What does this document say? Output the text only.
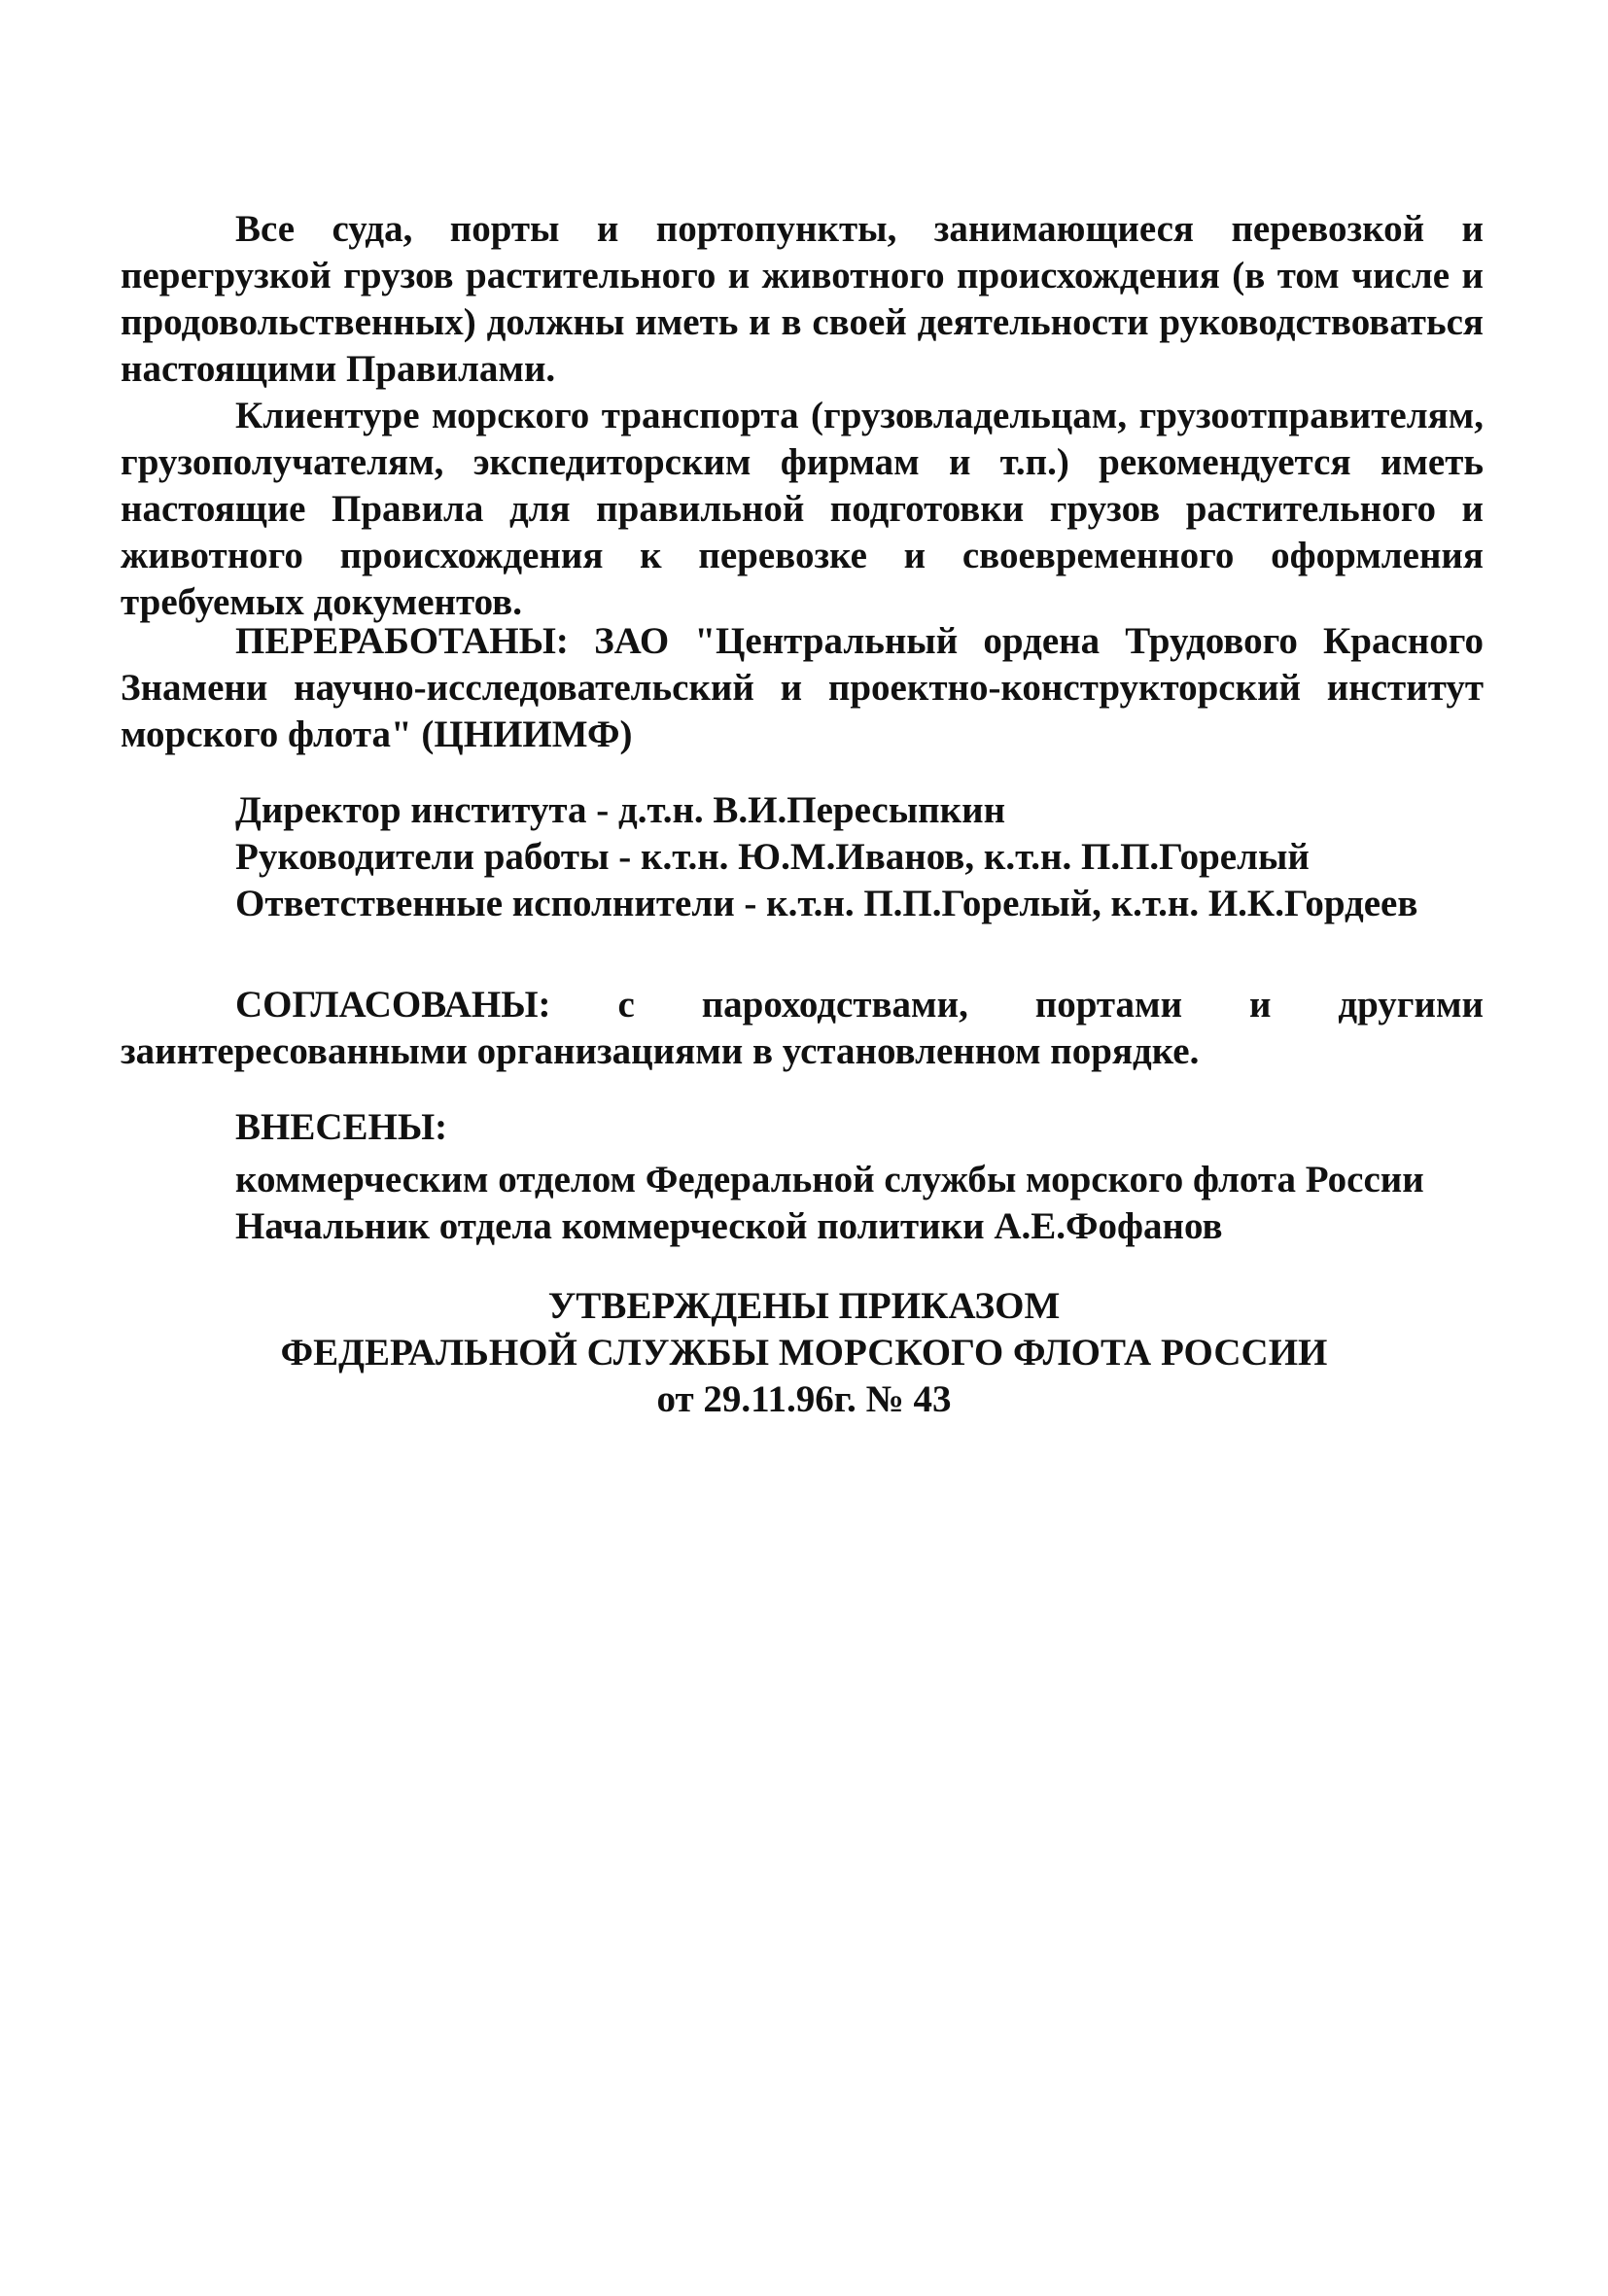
Все суда, порты и портопункты, занимающиеся перевозкой и перегрузкой грузов растительного и животного происхождения (в том числе и продовольственных) должны иметь и в своей деятельности руководствоваться настоящими Правилами.

Клиентуре морского транспорта (грузовладельцам, грузоотправителям, грузополучателям, экспедиторским фирмам и т.п.) рекомендуется иметь настоящие Правила для правильной подготовки грузов растительного и животного происхождения к перевозке и своевременного оформления требуемых документов.

ПЕРЕРАБОТАНЫ: ЗАО "Центральный ордена Трудового Красного Знамени научно-исследовательский и проектно-конструкторский институт морского флота" (ЦНИИМФ)

Директор института - д.т.н. В.И.Пересыпкин

Руководители работы - к.т.н. Ю.М.Иванов, к.т.н. П.П.Горелый

Ответственные исполнители - к.т.н. П.П.Горелый, к.т.н. И.К.Гордеев

СОГЛАСОВАНЫ: с пароходствами, портами и другими заинтересованными организациями в установленном порядке.

ВНЕСЕНЫ:

коммерческим отделом Федеральной службы морского флота России

Начальник отдела коммерческой политики А.Е.Фофанов

УТВЕРЖДЕНЫ ПРИКАЗОМ

ФЕДЕРАЛЬНОЙ СЛУЖБЫ МОРСКОГО ФЛОТА РОССИИ

от 29.11.96г. № 43
